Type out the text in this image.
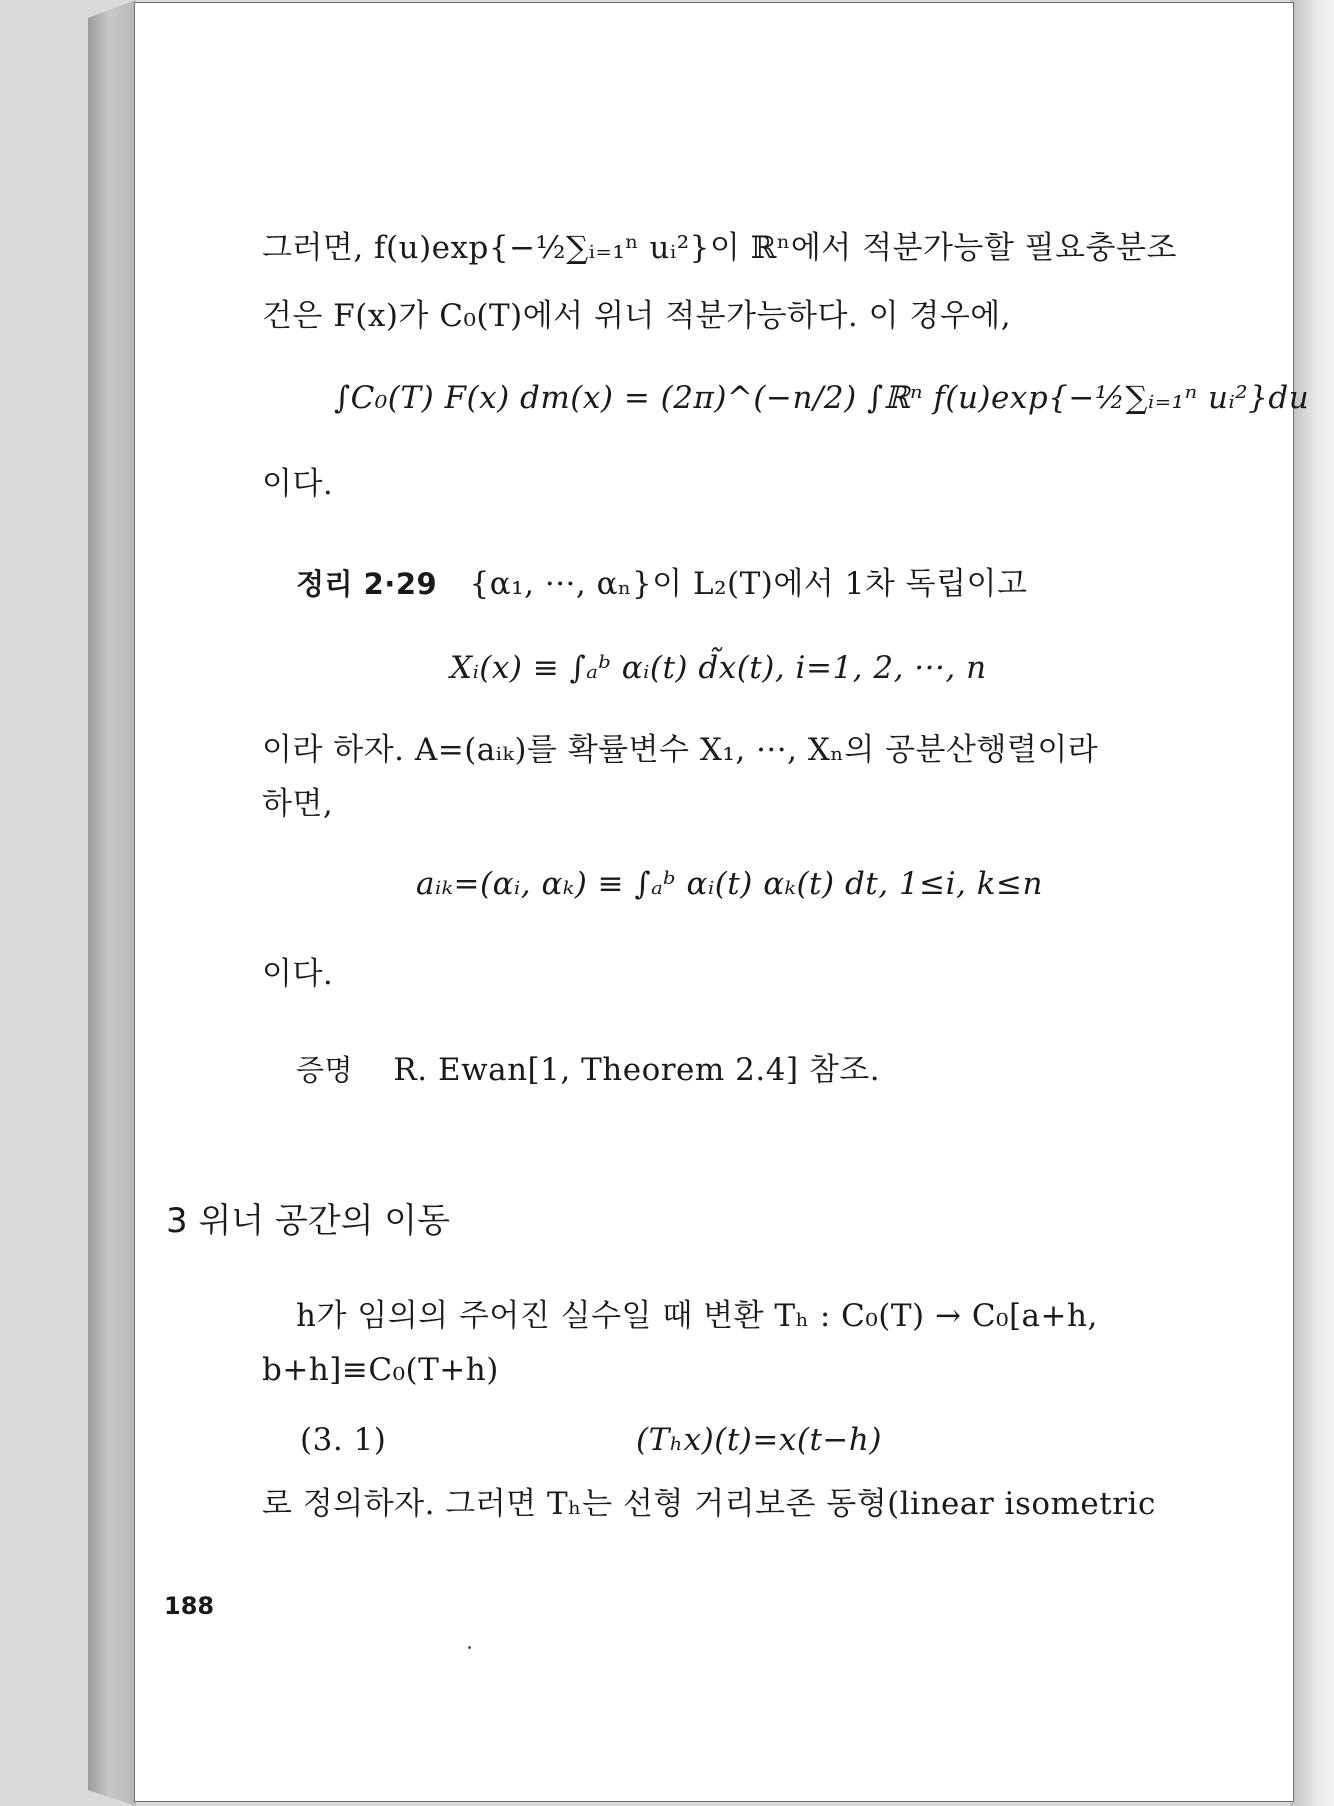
그러면, f(u)exp{−½∑ᵢ₌₁ⁿ uᵢ²}이 ℝⁿ에서 적분가능할 필요충분조
건은 F(x)가 C₀(T)에서 위너 적분가능하다. 이 경우에,
∫C₀(T) F(x) dm(x) = (2π)^(−n/2) ∫ℝⁿ f(u)exp{−½∑ᵢ₌₁ⁿ uᵢ²}du
이다.
정리 2·29 {α₁, ···, αₙ}이 L₂(T)에서 1차 독립이고
Xᵢ(x) ≡ ∫ₐᵇ αᵢ(t) d̃x(t), i=1, 2, ···, n
이라 하자. A=(aᵢₖ)를 확률변수 X₁, ···, Xₙ의 공분산행렬이라
하면,
aᵢₖ=(αᵢ, αₖ) ≡ ∫ₐᵇ αᵢ(t) αₖ(t) dt, 1≤i, k≤n
이다.
증명 R. Ewan[1, Theorem 2.4] 참조.
3 위너 공간의 이동
h가 임의의 주어진 실수일 때 변환 Tₕ : C₀(T) → C₀[a+h,
b+h]≡C₀(T+h)
(3. 1)	(Tₕx)(t)=x(t−h)
로 정의하자. 그러면 Tₕ는 선형 거리보존 동형(linear isometric
188
